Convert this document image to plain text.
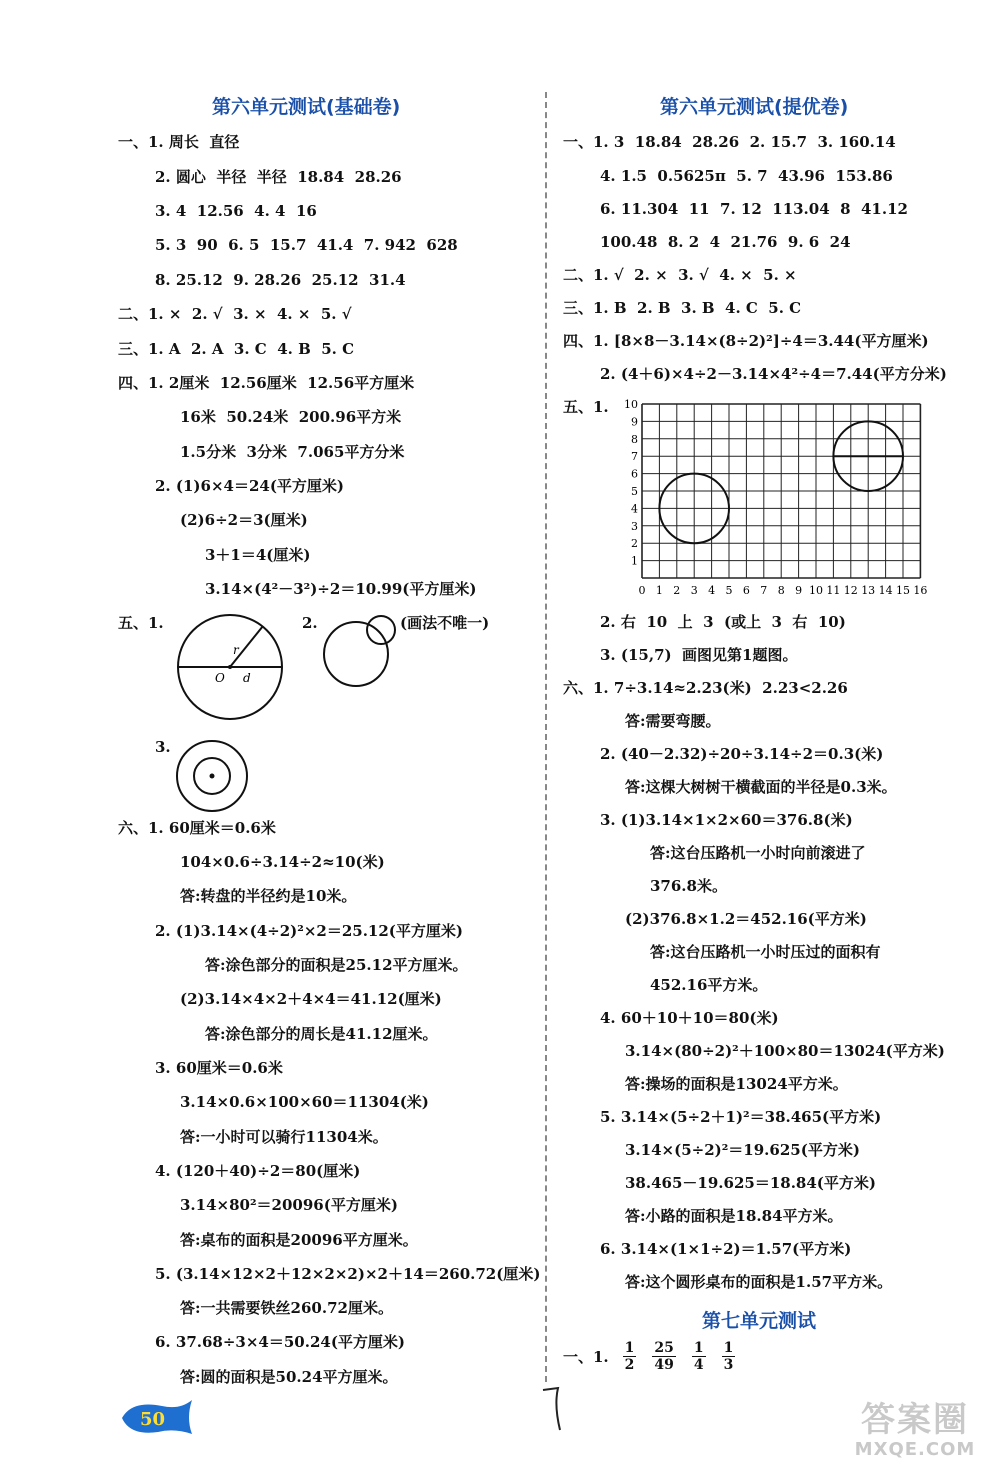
第六单元测试(基础卷)
一、1. 周长  直径
2. 圆心  半径  半径  18.84  28.26
3. 4  12.56  4. 4  16
5. 3  90  6. 5  15.7  41.4  7. 942  628
8. 25.12  9. 28.26  25.12  31.4
二、1. ×  2. √  3. ×  4. ×  5. √
三、1. A  2. A  3. C  4. B  5. C
四、1. 2厘米  12.56厘米  12.56平方厘米
16米  50.24米  200.96平方米
1.5分米  3分米  7.065平方分米
2. (1)6×4＝24(平方厘米)
(2)6÷2＝3(厘米)
3＋1＝4(厘米)
3.14×(4²－3²)÷2＝10.99(平方厘米)
五、1.	2.	(画法不唯一)
3.
六、1. 60厘米＝0.6米
104×0.6÷3.14÷2≈10(米)
答:转盘的半径约是10米。
2. (1)3.14×(4÷2)²×2＝25.12(平方厘米)
答:涂色部分的面积是25.12平方厘米。
(2)3.14×4×2＋4×4＝41.12(厘米)
答:涂色部分的周长是41.12厘米。
3. 60厘米＝0.6米
3.14×0.6×100×60＝11304(米)
答:一小时可以骑行11304米。
4. (120＋40)÷2＝80(厘米)
3.14×80²＝20096(平方厘米)
答:桌布的面积是20096平方厘米。
5. (3.14×12×2＋12×2×2)×2＋14＝260.72(厘米)
答:一共需要铁丝260.72厘米。
6. 37.68÷3×4＝50.24(平方厘米)
答:圆的面积是50.24平方厘米。
第六单元测试(提优卷)
一、1. 3  18.84  28.26  2. 15.7  3. 160.14
4. 1.5  0.5625π  5. 7  43.96  153.86
6. 11.304  11  7. 12  113.04  8  41.12
100.48  8. 2  4  21.76  9. 6  24
二、1. √  2. ×  3. √  4. ×  5. ×
三、1. B  2. B  3. B  4. C  5. C
四、1. [8×8－3.14×(8÷2)²]÷4＝3.44(平方厘米)
2. (4＋6)×4÷2－3.14×4²÷4＝7.44(平方分米)
五、1.
2. 右  10  上  3  (或上  3  右  10)
3. (15,7)  画图见第1题图。
六、1. 7÷3.14≈2.23(米)  2.23<2.26
答:需要弯腰。
2. (40－2.32)÷20÷3.14÷2＝0.3(米)
答:这棵大树树干横截面的半径是0.3米。
3. (1)3.14×1×2×60＝376.8(米)
答:这台压路机一小时向前滚进了
376.8米。
(2)376.8×1.2＝452.16(平方米)
答:这台压路机一小时压过的面积有
452.16平方米。
4. 60＋10＋10＝80(米)
3.14×(80÷2)²＋100×80＝13024(平方米)
答:操场的面积是13024平方米。
5. 3.14×(5÷2＋1)²＝38.465(平方米)
3.14×(5÷2)²＝19.625(平方米)
38.465－19.625＝18.84(平方米)
答:小路的面积是18.84平方米。
6. 3.14×(1×1÷2)＝1.57(平方米)
答:这个圆形桌布的面积是1.57平方米。
r
O d
10
9
8
7
6
5
4
3
2
1
0 1 2 3 4 5 6 7 8 9 10 11 12 13 14 15 16
一、1. $\frac{1}{2} \frac{25}{49} \frac{1}{4} \frac{1}{3}$
第七单元测试
50	答案圈
MXQE.COM
